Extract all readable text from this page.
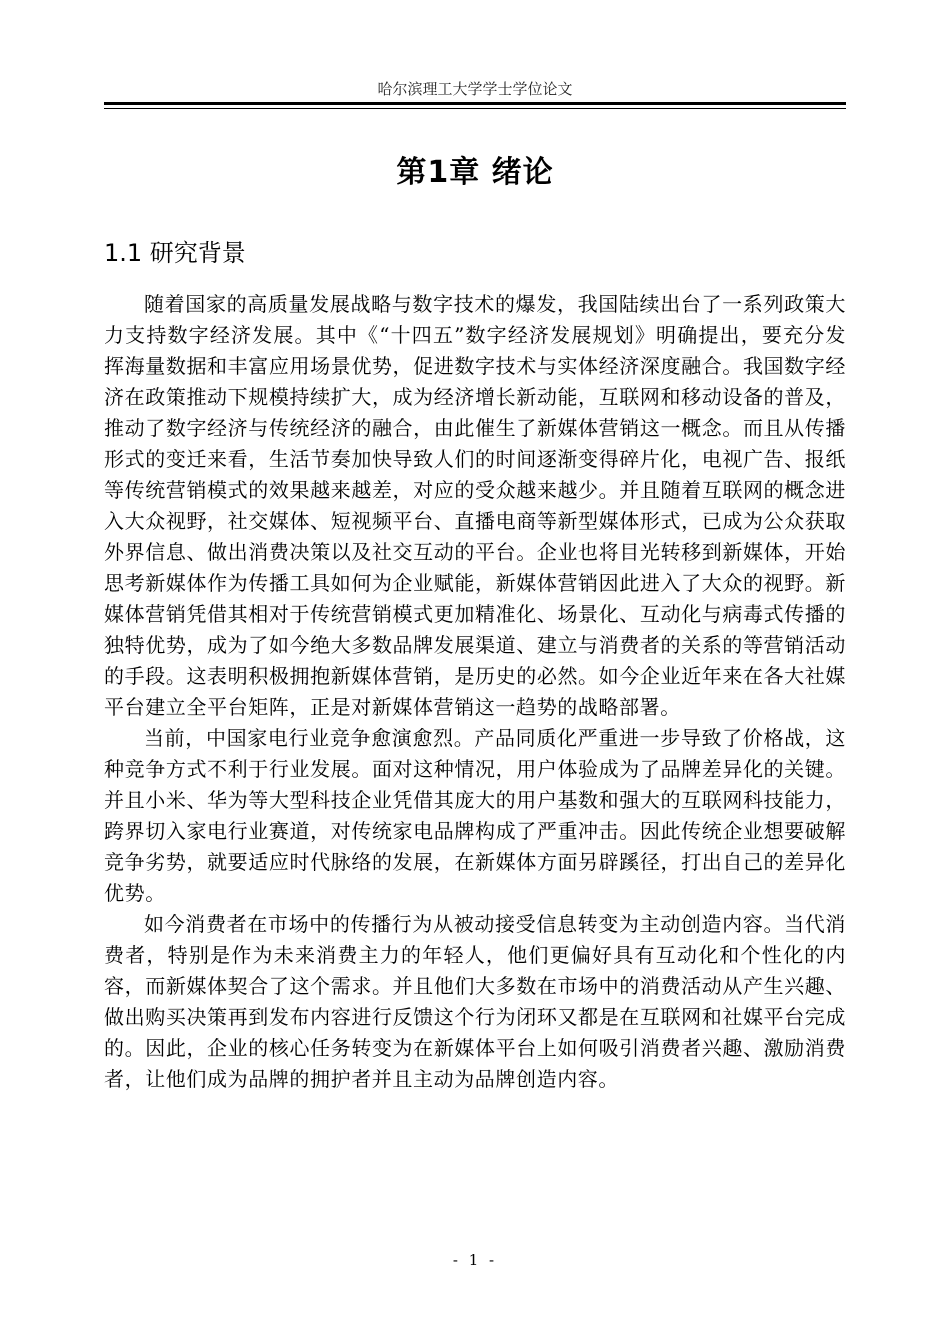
哈尔滨理工大学学士学位论文
第1章 绪论
1.1 研究背景

随着国家的高质量发展战略与数字技术的爆发，我国陆续出台了一系列政策大力支持数字经济发展。其中《“十四五”数字经济发展规划》明确提出，要充分发挥海量数据和丰富应用场景优势，促进数字技术与实体经济深度融合。我国数字经济在政策推动下规模持续扩大，成为经济增长新动能，互联网和移动设备的普及，推动了数字经济与传统经济的融合，由此催生了新媒体营销这一概念。而且从传播形式的变迁来看，生活节奏加快导致人们的时间逐渐变得碎片化，电视广告、报纸等传统营销模式的效果越来越差，对应的受众越来越少。并且随着互联网的概念进入大众视野，社交媒体、短视频平台、直播电商等新型媒体形式，已成为公众获取外界信息、做出消费决策以及社交互动的平台。企业也将目光转移到新媒体，开始思考新媒体作为传播工具如何为企业赋能，新媒体营销因此进入了大众的视野。新媒体营销凭借其相对于传统营销模式更加精准化、场景化、互动化与病毒式传播的独特优势，成为了如今绝大多数品牌发展渠道、建立与消费者的关系的等营销活动的手段。这表明积极拥抱新媒体营销，是历史的必然。如今企业近年来在各大社媒平台建立全平台矩阵，正是对新媒体营销这一趋势的战略部署。

当前，中国家电行业竞争愈演愈烈。产品同质化严重进一步导致了价格战，这种竞争方式不利于行业发展。面对这种情况，用户体验成为了品牌差异化的关键。并且小米、华为等大型科技企业凭借其庞大的用户基数和强大的互联网科技能力，跨界切入家电行业赛道，对传统家电品牌构成了严重冲击。因此传统企业想要破解竞争劣势，就要适应时代脉络的发展，在新媒体方面另辟蹊径，打出自己的差异化优势。

如今消费者在市场中的传播行为从被动接受信息转变为主动创造内容。当代消费者，特别是作为未来消费主力的年轻人，他们更偏好具有互动化和个性化的内容，而新媒体契合了这个需求。并且他们大多数在市场中的消费活动从产生兴趣、做出购买决策再到发布内容进行反馈这个行为闭环又都是在互联网和社媒平台完成的。因此，企业的核心任务转变为在新媒体平台上如何吸引消费者兴趣、激励消费者，让他们成为品牌的拥护者并且主动为品牌创造内容。

- 1 -
